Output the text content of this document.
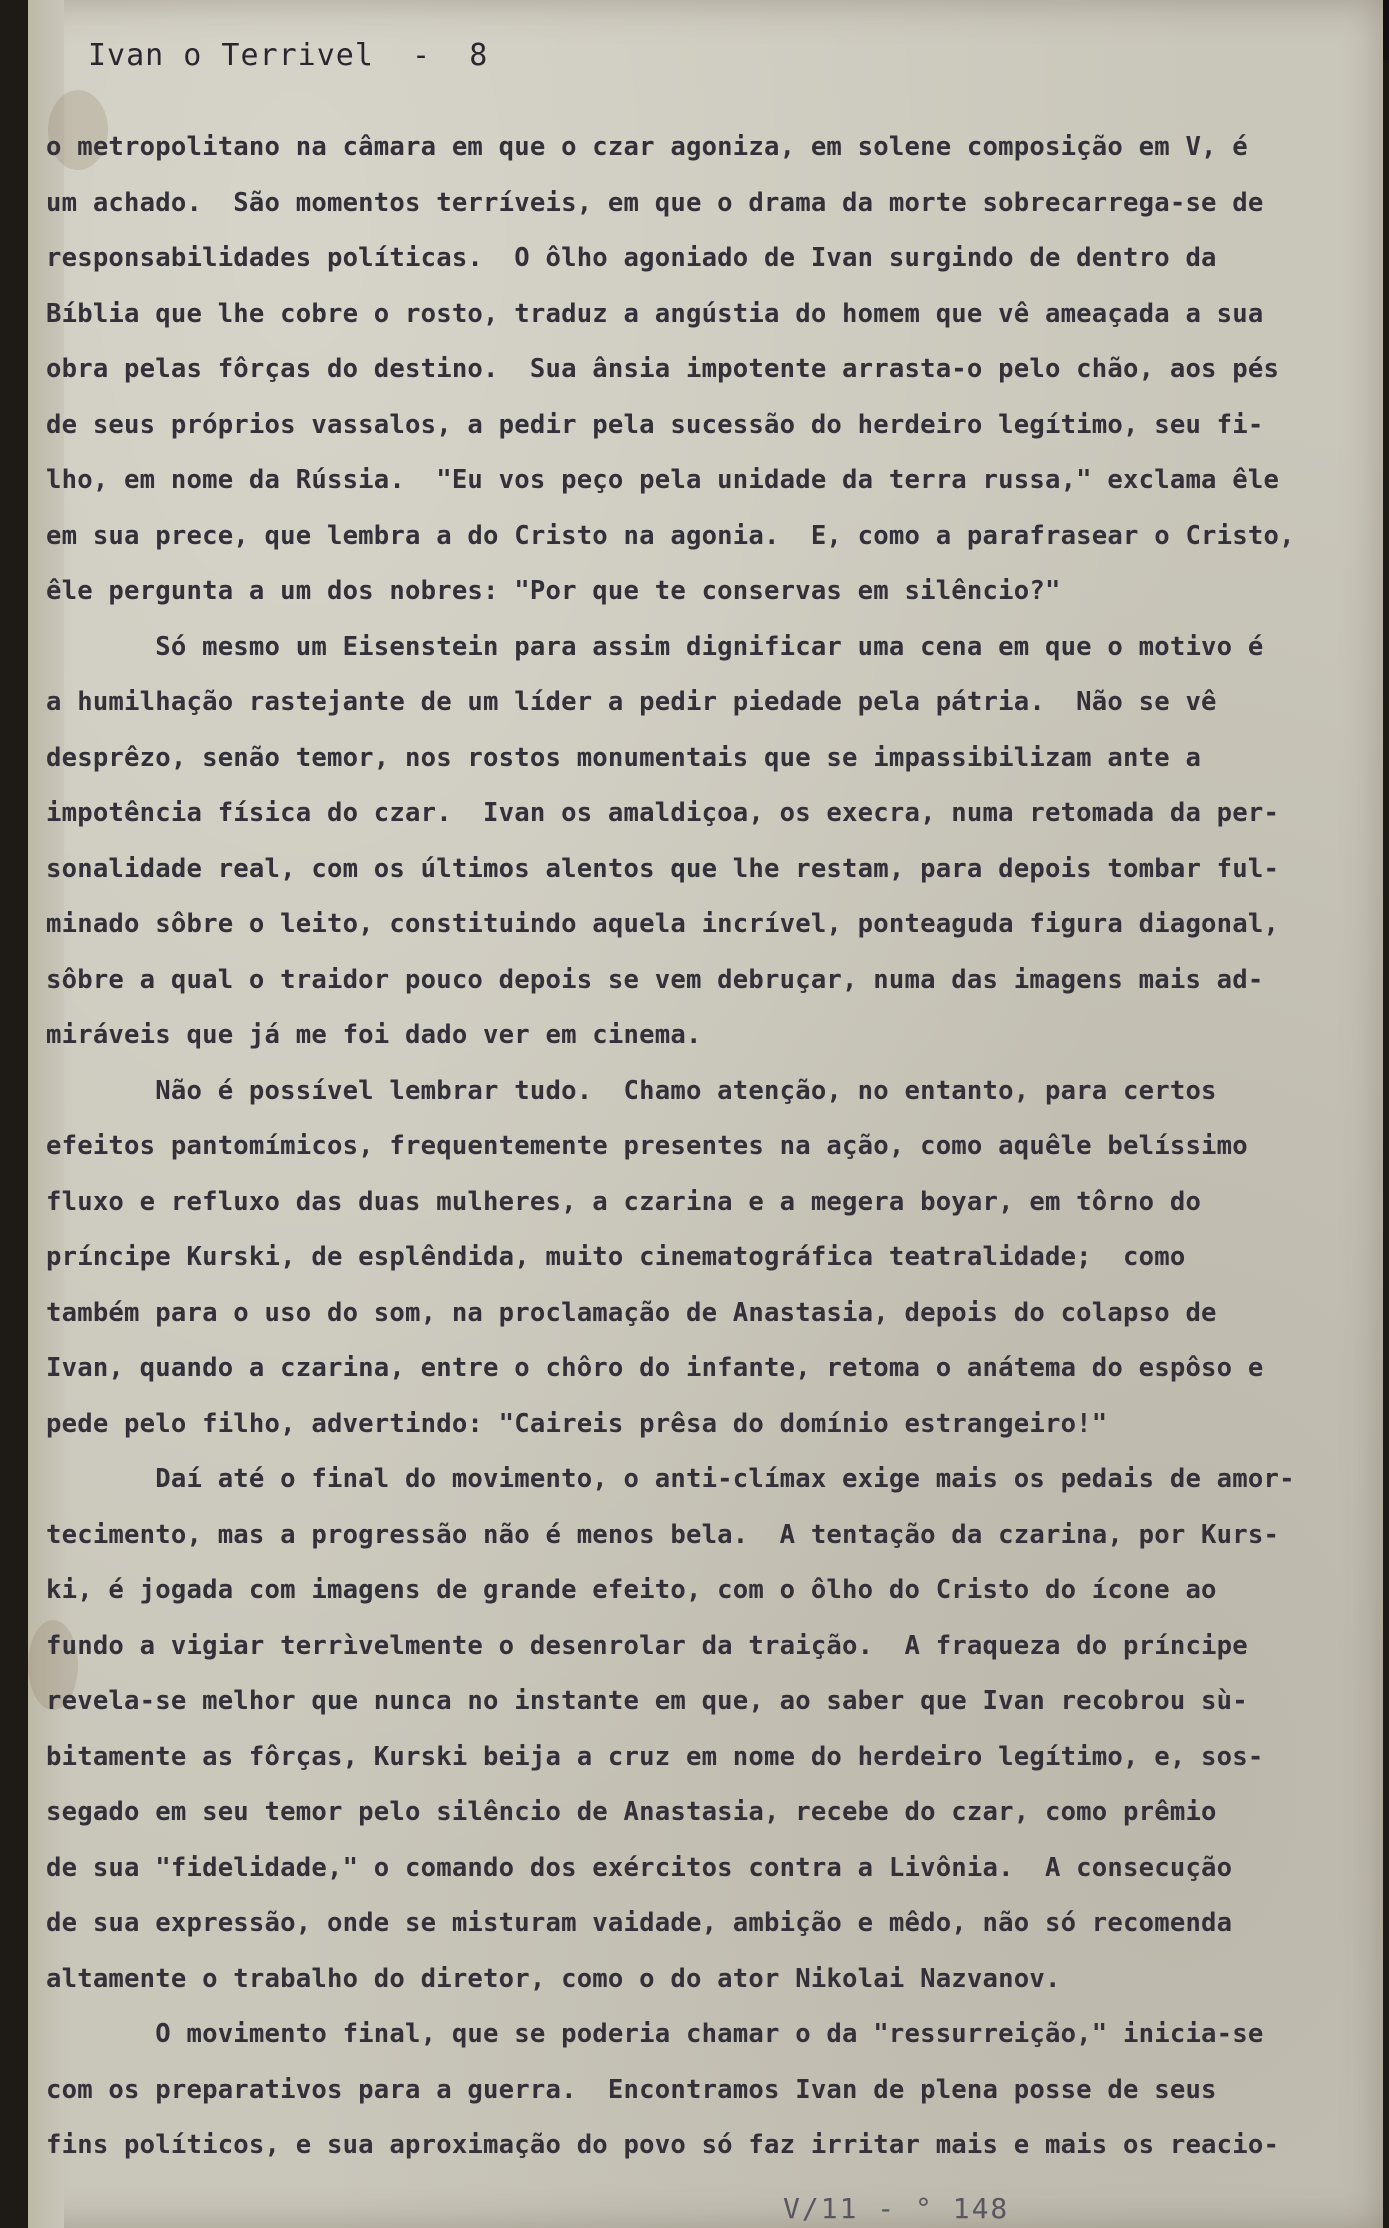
Ivan o Terrivel  -  8
o metropolitano na câmara em que o czar agoniza, em solene composição em V, é
um achado.  São momentos terríveis, em que o drama da morte sobrecarrega-se de
responsabilidades políticas.  O ôlho agoniado de Ivan surgindo de dentro da
Bíblia que lhe cobre o rosto, traduz a angústia do homem que vê ameaçada a sua
obra pelas fôrças do destino.  Sua ânsia impotente arrasta-o pelo chão, aos pés
de seus próprios vassalos, a pedir pela sucessão do herdeiro legítimo, seu fi-
lho, em nome da Rússia.  "Eu vos peço pela unidade da terra russa," exclama êle
em sua prece, que lembra a do Cristo na agonia.  E, como a parafrasear o Cristo,
êle pergunta a um dos nobres: "Por que te conservas em silêncio?"
Só mesmo um Eisenstein para assim dignificar uma cena em que o motivo é
a humilhação rastejante de um líder a pedir piedade pela pátria.  Não se vê
desprêzo, senão temor, nos rostos monumentais que se impassibilizam ante a
impotência física do czar.  Ivan os amaldiçoa, os execra, numa retomada da per-
sonalidade real, com os últimos alentos que lhe restam, para depois tombar ful-
minado sôbre o leito, constituindo aquela incrível, ponteaguda figura diagonal,
sôbre a qual o traidor pouco depois se vem debruçar, numa das imagens mais ad-
miráveis que já me foi dado ver em cinema.
Não é possível lembrar tudo.  Chamo atenção, no entanto, para certos
efeitos pantomímicos, frequentemente presentes na ação, como aquêle belíssimo
fluxo e refluxo das duas mulheres, a czarina e a megera boyar, em tôrno do
príncipe Kurski, de esplêndida, muito cinematográfica teatralidade;  como
também para o uso do som, na proclamação de Anastasia, depois do colapso de
Ivan, quando a czarina, entre o chôro do infante, retoma o anátema do espôso e
pede pelo filho, advertindo: "Caireis prêsa do domínio estrangeiro!"
Daí até o final do movimento, o anti-clímax exige mais os pedais de amor-
tecimento, mas a progressão não é menos bela.  A tentação da czarina, por Kurs-
ki, é jogada com imagens de grande efeito, com o ôlho do Cristo do ícone ao
fundo a vigiar terrìvelmente o desenrolar da traição.  A fraqueza do príncipe
revela-se melhor que nunca no instante em que, ao saber que Ivan recobrou sù-
bitamente as fôrças, Kurski beija a cruz em nome do herdeiro legítimo, e, sos-
segado em seu temor pelo silêncio de Anastasia, recebe do czar, como prêmio
de sua "fidelidade," o comando dos exércitos contra a Livônia.  A consecução
de sua expressão, onde se misturam vaidade, ambição e mêdo, não só recomenda
altamente o trabalho do diretor, como o do ator Nikolai Nazvanov.
O movimento final, que se poderia chamar o da "ressurreição," inicia-se
com os preparativos para a guerra.  Encontramos Ivan de plena posse de seus
fins políticos, e sua aproximação do povo só faz irritar mais e mais os reacio-
V/11 - ° 148
